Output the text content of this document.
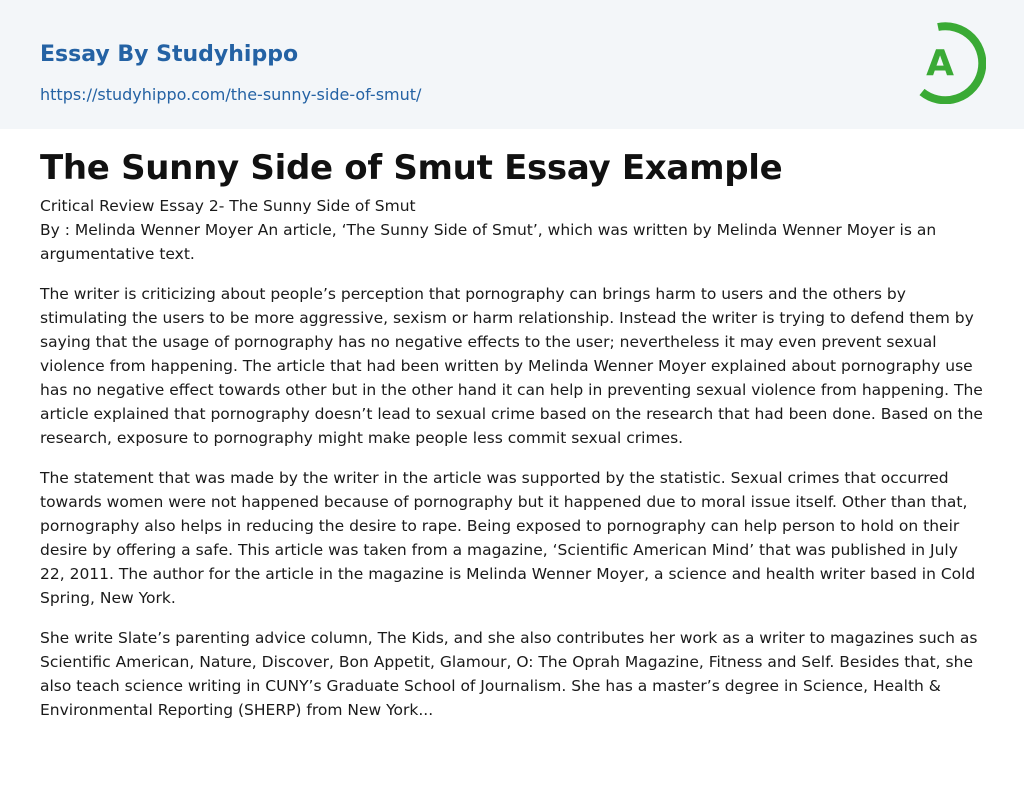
Essay By Studyhippo
https://studyhippo.com/the-sunny-side-of-smut/
A
The Sunny Side of Smut Essay Example

Critical Review Essay 2- The Sunny Side of Smut

By : Melinda Wenner Moyer An article, ‘The Sunny Side of Smut’, which was written by Melinda Wenner Moyer is an argumentative text.

The writer is criticizing about people’s perception that pornography can brings harm to users and the others by stimulating the users to be more aggressive, sexism or harm relationship. Instead the writer is trying to defend them by saying that the usage of pornography has no negative effects to the user; nevertheless it may even prevent sexual violence from happening. The article that had been written by Melinda Wenner Moyer explained about pornography use has no negative effect towards other but in the other hand it can help in preventing sexual violence from happening. The article explained that pornography doesn’t lead to sexual crime based on the research that had been done. Based on the research, exposure to pornography might make people less commit sexual crimes.

The statement that was made by the writer in the article was supported by the statistic. Sexual crimes that occurred towards women were not happened because of pornography but it happened due to moral issue itself. Other than that, pornography also helps in reducing the desire to rape. Being exposed to pornography can help person to hold on their desire by offering a safe. This article was taken from a magazine, ‘Scientific American Mind’ that was published in July 22, 2011. The author for the article in the magazine is Melinda Wenner Moyer, a science and health writer based in Cold Spring, New York.

She write Slate’s parenting advice column, The Kids, and she also contributes her work as a writer to magazines such as Scientific American, Nature, Discover, Bon Appetit, Glamour, O: The Oprah Magazine, Fitness and Self. Besides that, she also teach science writing in CUNY’s Graduate School of Journalism. She has a master’s degree in Science, Health & Environmental Reporting (SHERP) from New York...
